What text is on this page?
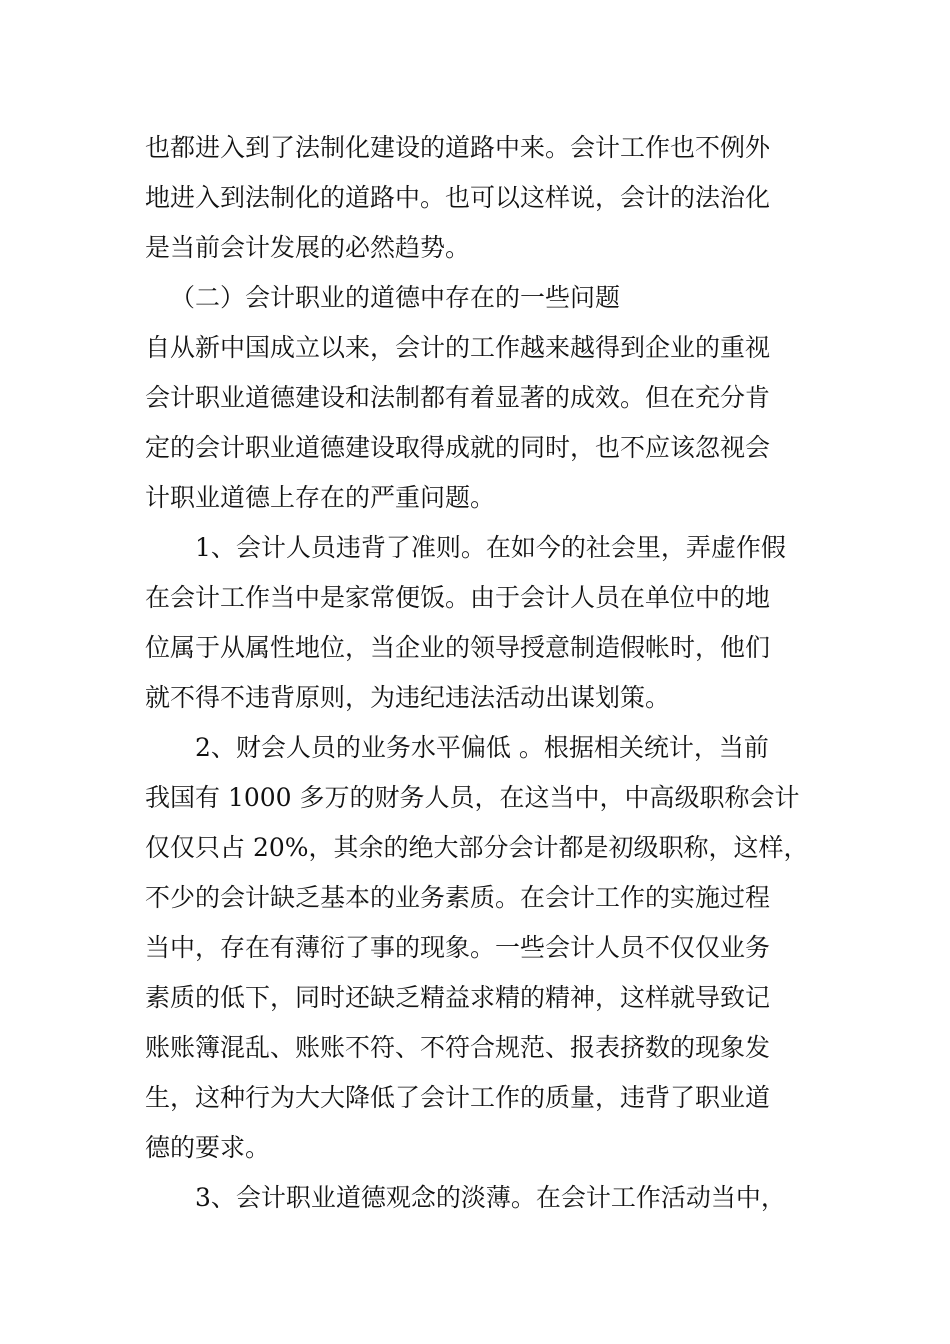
也都进入到了法制化建设的道路中来。会计工作也不例外
地进入到法制化的道路中。也可以这样说，会计的法治化
是当前会计发展的必然趋势。
（二）会计职业的道德中存在的一些问题
自从新中国成立以来，会计的工作越来越得到企业的重视
会计职业道德建设和法制都有着显著的成效。但在充分肯
定的会计职业道德建设取得成就的同时，也不应该忽视会
计职业道德上存在的严重问题。
1、会计人员违背了准则。在如今的社会里，弄虚作假
在会计工作当中是家常便饭。由于会计人员在单位中的地
位属于从属性地位，当企业的领导授意制造假帐时，他们
就不得不违背原则，为违纪违法活动出谋划策。
2、财会人员的业务水平偏低 。根据相关统计，当前
我国有 1000 多万的财务人员，在这当中，中高级职称会计
仅仅只占 20%，其余的绝大部分会计都是初级职称，这样，
不少的会计缺乏基本的业务素质。在会计工作的实施过程
当中，存在有薄衍了事的现象。一些会计人员不仅仅业务
素质的低下，同时还缺乏精益求精的精神，这样就导致记
账账簿混乱、账账不符、不符合规范、报表挤数的现象发
生，这种行为大大降低了会计工作的质量，违背了职业道
德的要求。
3、会计职业道德观念的淡薄。在会计工作活动当中，
